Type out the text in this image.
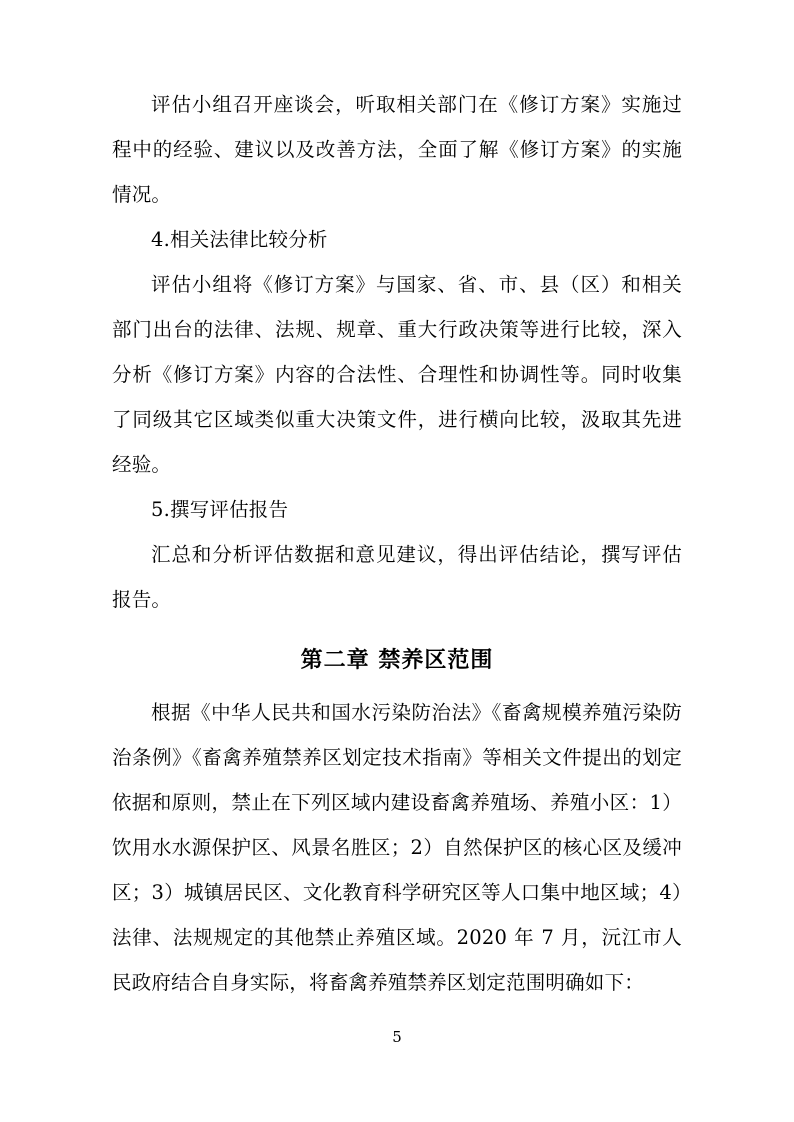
评估小组召开座谈会，听取相关部门在《修订方案》实施过程中的经验、建议以及改善方法，全面了解《修订方案》的实施情况。

4.相关法律比较分析

评估小组将《修订方案》与国家、省、市、县（区）和相关部门出台的法律、法规、规章、重大行政决策等进行比较，深入分析《修订方案》内容的合法性、合理性和协调性等。同时收集了同级其它区域类似重大决策文件，进行横向比较，汲取其先进经验。

5.撰写评估报告

汇总和分析评估数据和意见建议，得出评估结论，撰写评估报告。

第二章 禁养区范围

根据《中华人民共和国水污染防治法》《畜禽规模养殖污染防治条例》《畜禽养殖禁养区划定技术指南》等相关文件提出的划定依据和原则，禁止在下列区域内建设畜禽养殖场、养殖小区：1）饮用水水源保护区、风景名胜区；2）自然保护区的核心区及缓冲区；3）城镇居民区、文化教育科学研究区等人口集中地区域；4）法律、法规规定的其他禁止养殖区域。2020 年 7 月，沅江市人民政府结合自身实际，将畜禽养殖禁养区划定范围明确如下：

5
